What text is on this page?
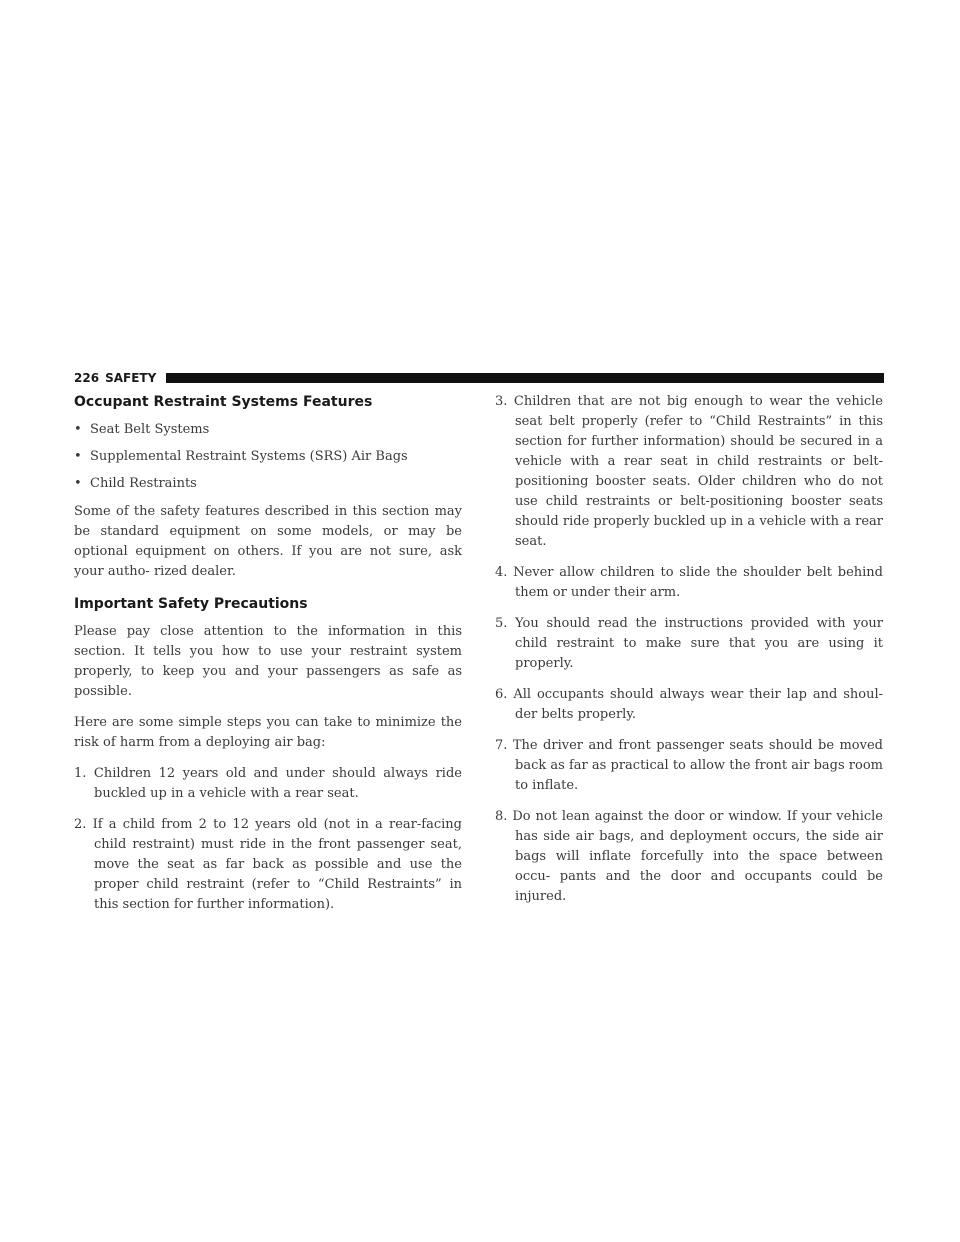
226 SAFETY
Occupant Restraint Systems Features
• Seat Belt Systems
• Supplemental Restraint Systems (SRS) Air Bags
• Child Restraints

Some of the safety features described in this section may be standard equipment on some models, or may be optional equipment on others. If you are not sure, ask your autho- rized dealer.

Important Safety Precautions

Please pay close attention to the information in this section. It tells you how to use your restraint system properly, to keep you and your passengers as safe as possible.

Here are some simple steps you can take to minimize the risk of harm from a deploying air bag:

1. Children 12 years old and under should always ride buckled up in a vehicle with a rear seat.
2. If a child from 2 to 12 years old (not in a rear-facing child restraint) must ride in the front passenger seat, move the seat as far back as possible and use the proper child restraint (refer to “Child Restraints” in this section for further information).
3. Children that are not big enough to wear the vehicle seat belt properly (refer to “Child Restraints” in this section for further information) should be secured in a vehicle with a rear seat in child restraints or belt-positioning booster seats. Older children who do not use child restraints or belt-positioning booster seats should ride properly buckled up in a vehicle with a rear seat.
4. Never allow children to slide the shoulder belt behind them or under their arm.
5. You should read the instructions provided with your child restraint to make sure that you are using it properly.
6. All occupants should always wear their lap and shoul- der belts properly.
7. The driver and front passenger seats should be moved back as far as practical to allow the front air bags room to inflate.
8. Do not lean against the door or window. If your vehicle has side air bags, and deployment occurs, the side air bags will inflate forcefully into the space between occu- pants and the door and occupants could be injured.
